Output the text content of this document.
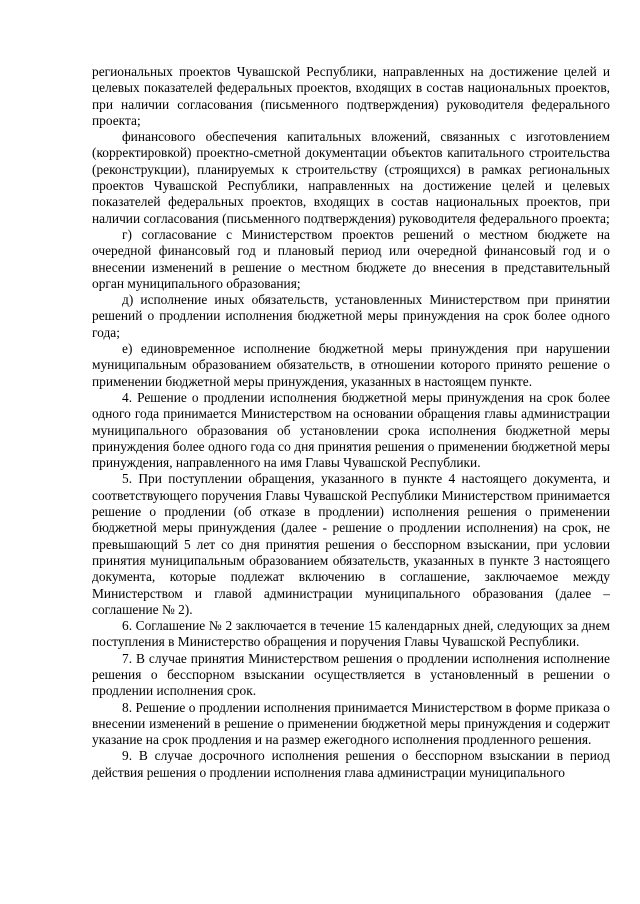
региональных проектов Чувашской Республики, направленных на достижение целей и целевых показателей федеральных проектов, входящих в состав национальных проектов, при наличии согласования (письменного подтверждения) руководителя федерального проекта;

финансового обеспечения капитальных вложений, связанных с изготовлением (корректировкой) проектно-сметной документации объектов капитального строительства (реконструкции), планируемых к строительству (строящихся) в рамках региональных проектов Чувашской Республики, направленных на достижение целей и целевых показателей федеральных проектов, входящих в состав национальных проектов, при наличии согласования (письменного подтверждения) руководителя федерального проекта;

г) согласование с Министерством проектов решений о местном бюджете на очередной финансовый год и плановый период или очередной финансовый год и о внесении изменений в решение о местном бюджете до внесения в представительный орган муниципального образования;

д) исполнение иных обязательств, установленных Министерством при принятии решений о продлении исполнения бюджетной меры принуждения на срок более одного года;

е) единовременное исполнение бюджетной меры принуждения при нарушении муниципальным образованием обязательств, в отношении которого принято решение о применении бюджетной меры принуждения, указанных в настоящем пункте.

4. Решение о продлении исполнения бюджетной меры принуждения на срок более одного года принимается Министерством на основании обращения главы администрации муниципального образования об установлении срока исполнения бюджетной меры принуждения более одного года со дня принятия решения о применении бюджетной меры принуждения, направленного на имя Главы Чувашской Республики.

5. При поступлении обращения, указанного в пункте 4 настоящего документа, и соответствующего поручения Главы Чувашской Республики Министерством принимается решение о продлении (об отказе в продлении) исполнения решения о применении бюджетной меры принуждения (далее - решение о продлении исполнения) на срок, не превышающий 5 лет со дня принятия решения о бесспорном взыскании, при условии принятия муниципальным образованием обязательств, указанных в пункте 3 настоящего документа, которые подлежат включению в соглашение, заключаемое между Министерством и главой администрации муниципального образования (далее – соглашение № 2).

6. Соглашение № 2 заключается в течение 15 календарных дней, следующих за днем поступления в Министерство обращения и поручения Главы Чувашской Республики.

7. В случае принятия Министерством решения о продлении исполнения исполнение решения о бесспорном взыскании осуществляется в установленный в решении о продлении исполнения срок.

8. Решение о продлении исполнения принимается Министерством в форме приказа о внесении изменений в решение о применении бюджетной меры принуждения и содержит указание на срок продления и на размер ежегодного исполнения продленного решения.

9. В случае досрочного исполнения решения о бесспорном взыскании в период действия решения о продлении исполнения глава администрации муниципального
